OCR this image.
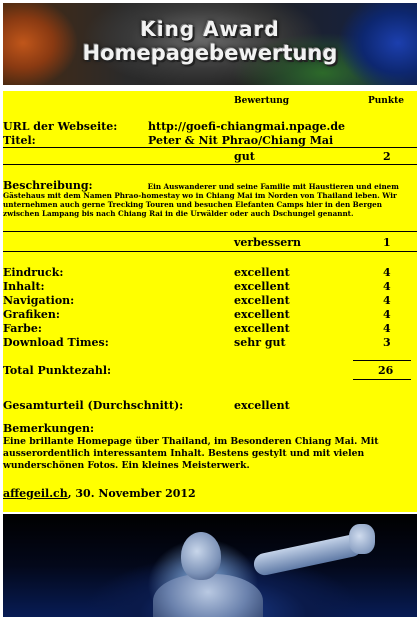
King Award
Homepagebewertung
Bewertung	Punkte
URL der Webseite:	http://goefi-chiangmai.npage.de
Titel:	Peter & Nit Phrao/Chiang Mai
gut	2
Beschreibung:	Ein Auswanderer und seine Familie mit Haustieren und einem Gästehaus mit dem Namen Phrao-homestay wo in Chiang Mai im Norden von Thailand leben. Wir unternehmen auch gerne Trecking Touren und besuchen Elefanten Camps hier in den Bergen zwischen Lampang bis nach Chiang Rai in die Urwälder oder auch Dschungel genannt.
verbessern	1
Eindruck:	excellent	4
Inhalt:	excellent	4
Navigation:	excellent	4
Grafiken:	excellent	4
Farbe:	excellent	4
Download Times:	sehr gut	3
Total Punktezahl:	26
Gesamturteil (Durchschnitt):	excellent
Bemerkungen:
Eine brillante Homepage über Thailand, im Besonderen Chiang Mai. Mit ausserordentlich interessantem Inhalt. Bestens gestylt und mit vielen wunderschönen Fotos. Ein kleines Meisterwerk.
affegeil.ch, 30. November 2012
